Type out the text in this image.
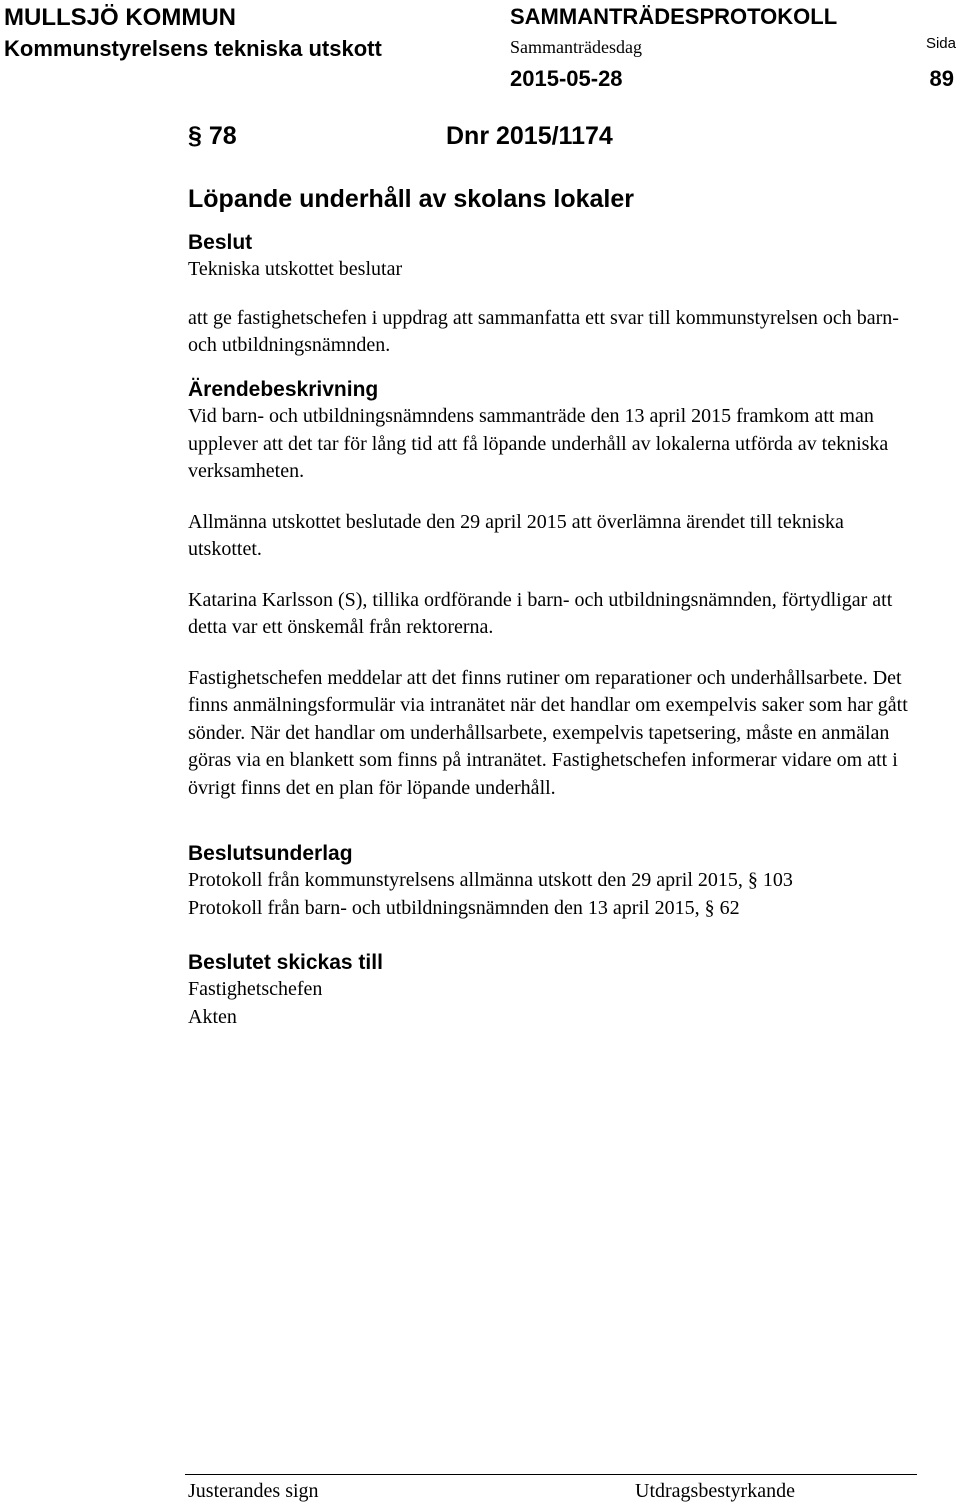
MULLSJÖ KOMMUN
Kommunstyrelsens tekniska utskott
SAMMANTRÄDESPROTOKOLL
Sammanträdesdag
2015-05-28
Sida
89
§ 78	Dnr 2015/1174
Löpande underhåll av skolans lokaler
Beslut

Tekniska utskottet beslutar

att ge fastighetschefen i uppdrag att sammanfatta ett svar till kommunstyrelsen och barn- och utbildningsnämnden.

Ärendebeskrivning

Vid barn- och utbildningsnämndens sammanträde den 13 april 2015 framkom att man upplever att det tar för lång tid att få löpande underhåll av lokalerna utförda av tekniska verksamheten.

Allmänna utskottet beslutade den 29 april 2015 att överlämna ärendet till tekniska utskottet.

Katarina Karlsson (S), tillika ordförande i barn- och utbildningsnämnden, förtydligar att detta var ett önskemål från rektorerna.

Fastighetschefen meddelar att det finns rutiner om reparationer och underhållsarbete. Det finns anmälningsformulär via intranätet när det handlar om exempelvis saker som har gått sönder. När det handlar om underhållsarbete, exempelvis tapetsering, måste en anmälan göras via en blankett som finns på intranätet. Fastighetschefen informerar vidare om att i övrigt finns det en plan för löpande underhåll.

Beslutsunderlag

Protokoll från kommunstyrelsens allmänna utskott den 29 april 2015, § 103

Protokoll från barn- och utbildningsnämnden den 13 april 2015, § 62

Beslutet skickas till

Fastighetschefen

Akten

Justerandes sign	Utdragsbestyrkande
